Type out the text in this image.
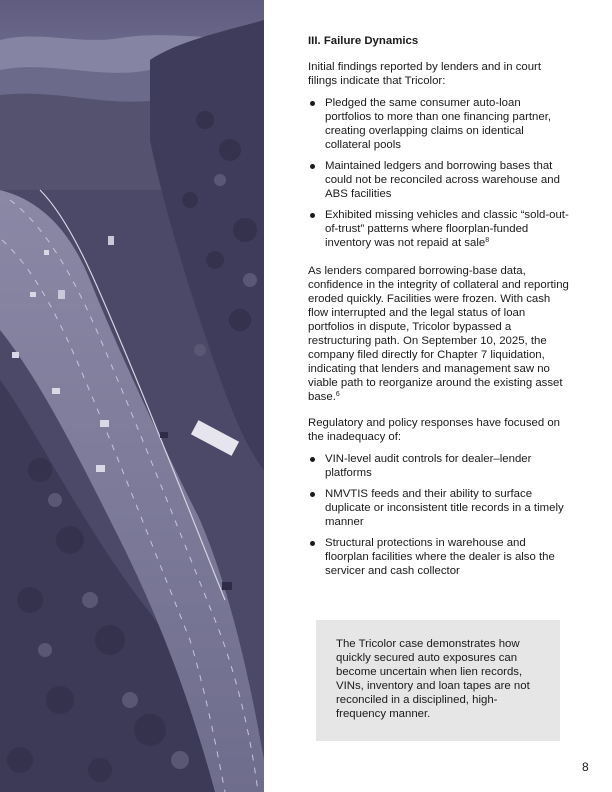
III. Failure Dynamics
Initial findings reported by lenders and in court filings indicate that Tricolor:
Pledged the same consumer auto-loan portfolios to more than one financing partner, creating overlapping claims on identical collateral pools
Maintained ledgers and borrowing bases that could not be reconciled across warehouse and ABS facilities
Exhibited missing vehicles and classic “sold-out-of-trust” patterns where floorplan-funded inventory was not repaid at sale$^8$
As lenders compared borrowing-base data, confidence in the integrity of collateral and reporting eroded quickly. Facilities were frozen. With cash flow interrupted and the legal status of loan portfolios in dispute, Tricolor bypassed a restructuring path. On September 10, 2025, the company filed directly for Chapter 7 liquidation, indicating that lenders and management saw no viable path to reorganize around the existing asset base.$^6$
Regulatory and policy responses have focused on the inadequacy of:
VIN-level audit controls for dealer–lender platforms
NMVTIS feeds and their ability to surface duplicate or inconsistent title records in a timely manner
Structural protections in warehouse and floorplan facilities where the dealer is also the servicer and cash collector
The Tricolor case demonstrates how quickly secured auto exposures can become uncertain when lien records, VINs, inventory and loan tapes are not reconciled in a disciplined, high-frequency manner.
8
